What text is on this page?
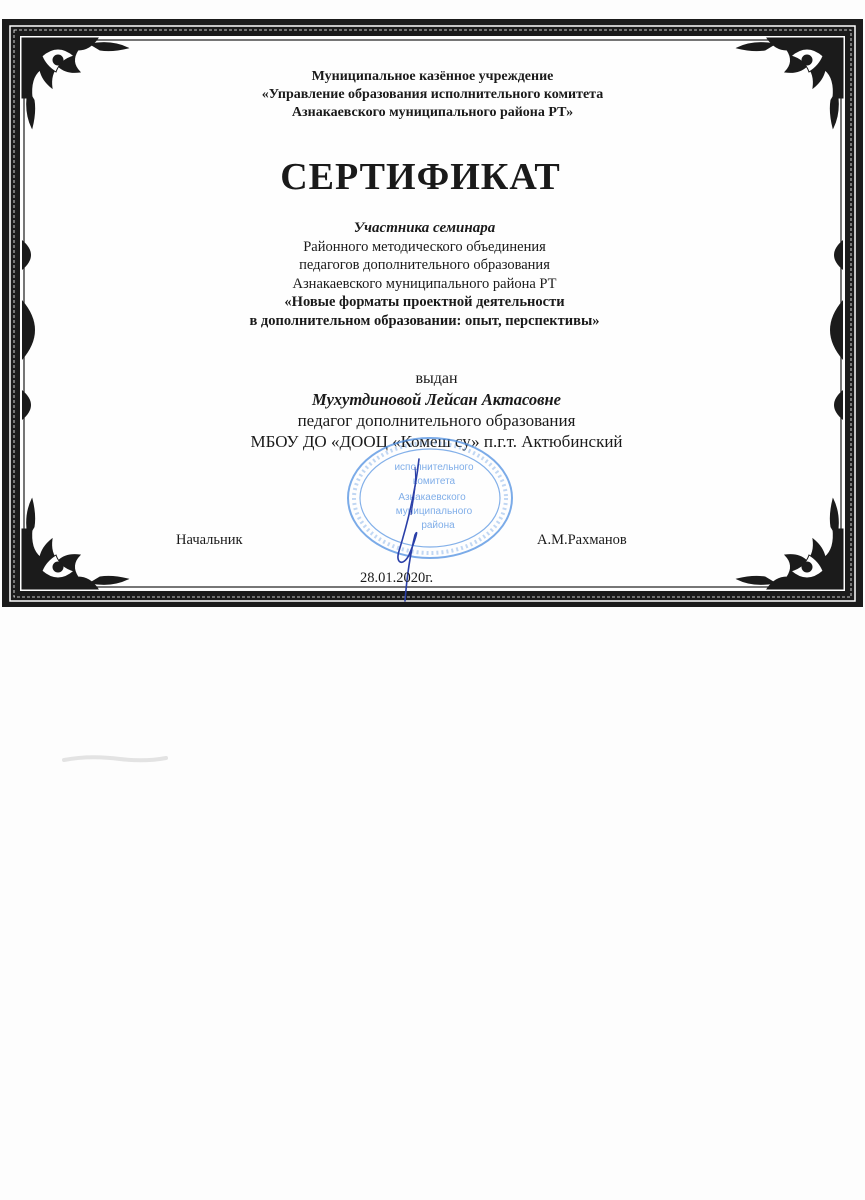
Муниципальное казённое учреждение
«Управление образования исполнительного комитета
Азнакаевского муниципального района РТ»
СЕРТИФИКАТ
Участника семинара
Районного методического объединения
педагогов дополнительного образования
Азнакаевского муниципального района РТ
«Новые форматы проектной деятельности
в дополнительном образовании: опыт, перспективы»
выдан
Мухутдиновой Лейсан Актасовне
педагог дополнительного образования
МБОУ ДО «ДООЦ «Комеш су» п.г.т. Актюбинский
исполнительного
комитета
Азнакаевского
муниципального
района
Начальник	А.М.Рахманов
28.01.2020г.
